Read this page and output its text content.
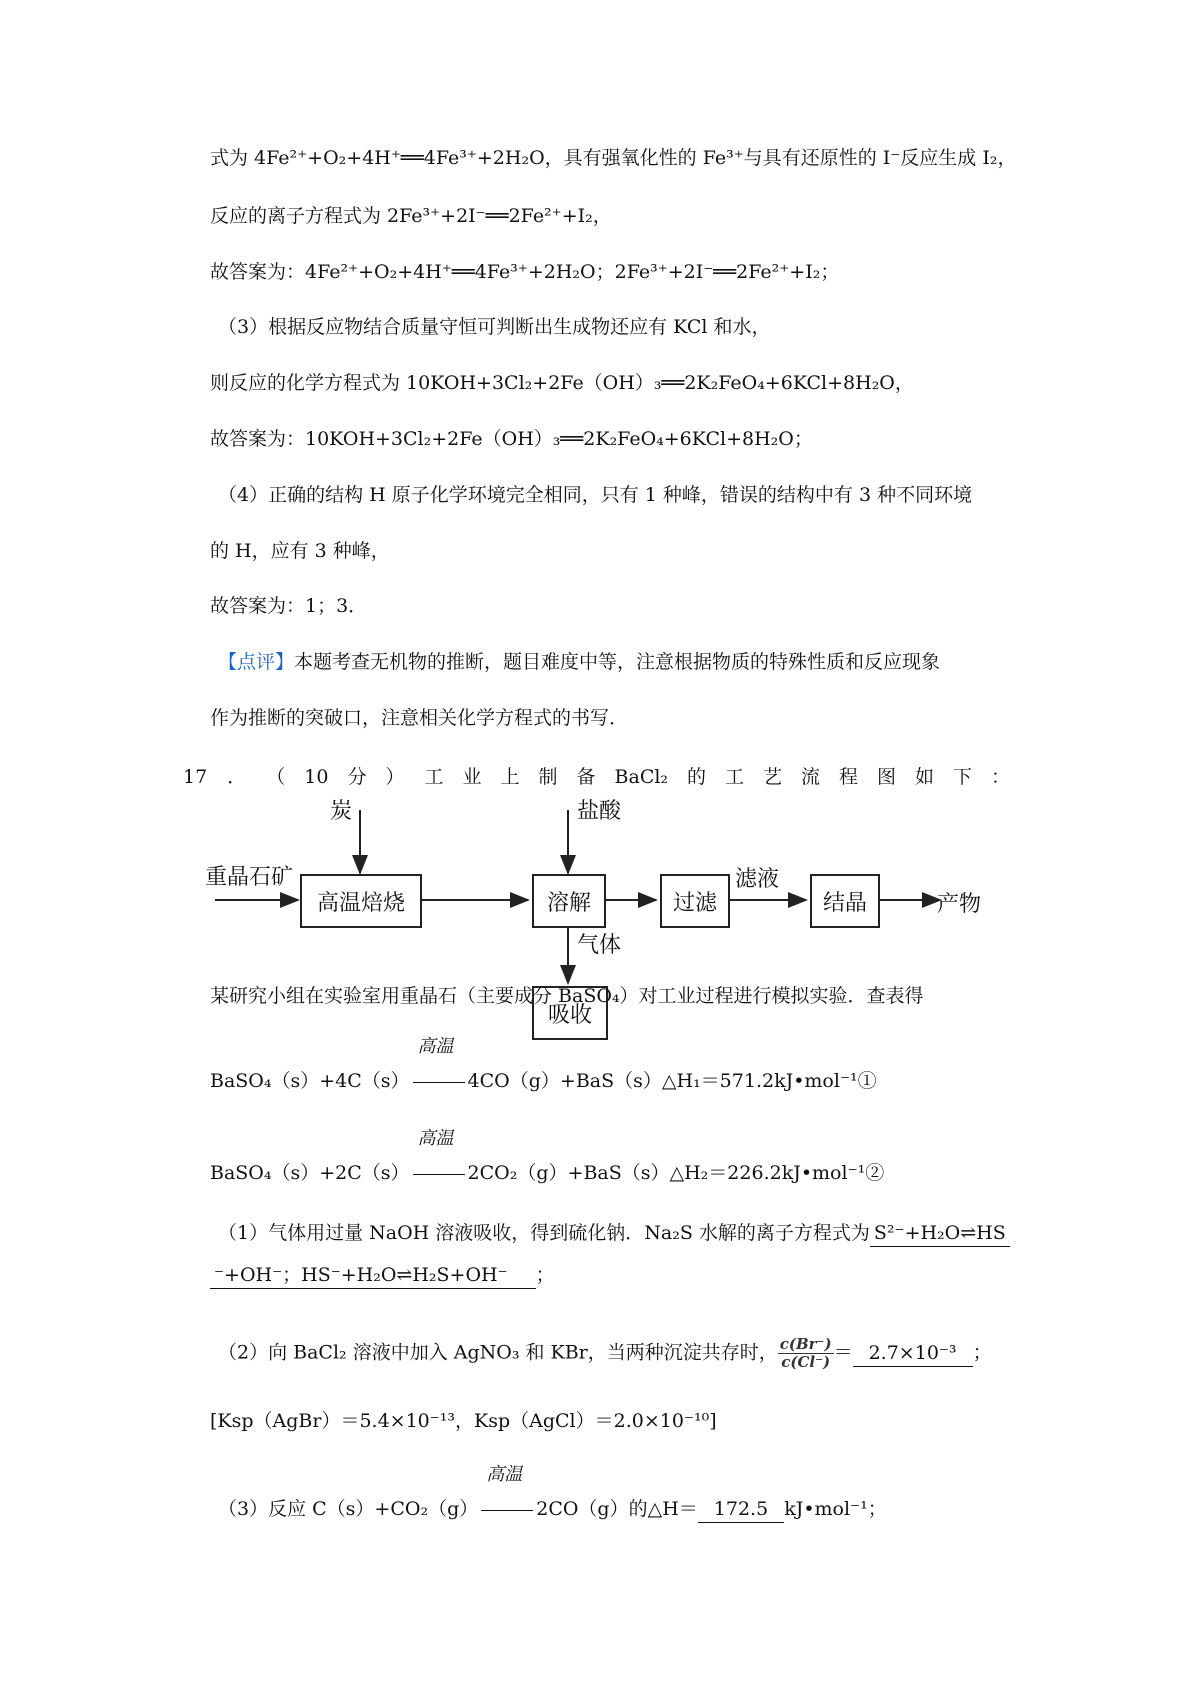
式为 4Fe²⁺+O₂+4H⁺══4Fe³⁺+2H₂O，具有强氧化性的 Fe³⁺与具有还原性的 I⁻反应生成 I₂，
反应的离子方程式为 2Fe³⁺+2I⁻══2Fe²⁺+I₂，
故答案为：4Fe²⁺+O₂+4H⁺══4Fe³⁺+2H₂O；2Fe³⁺+2I⁻══2Fe²⁺+I₂；
（3）根据反应物结合质量守恒可判断出生成物还应有 KCl 和水，
则反应的化学方程式为 10KOH+3Cl₂+2Fe（OH）₃══2K₂FeO₄+6KCl+8H₂O，
故答案为：10KOH+3Cl₂+2Fe（OH）₃══2K₂FeO₄+6KCl+8H₂O；
（4）正确的结构 H 原子化学环境完全相同，只有 1 种峰，错误的结构中有 3 种不同环境
的 H，应有 3 种峰，
故答案为：1；3．
【点评】本题考查无机物的推断，题目难度中等，注意根据物质的特殊性质和反应现象
作为推断的突破口，注意相关化学方程式的书写．
17 ． （　10　分　） 工　业　上　制　备　BaCl₂　的　工　艺　流　程　图　如　下　：
重晶石矿
炭	盐酸
高温焙烧	溶解	过滤
滤液
结晶	产物
气体
吸收
某研究小组在实验室用重晶石（主要成分 BaSO₄）对工业过程进行模拟实验．查表得
BaSO₄（s）+4C（s）
高温
4CO（g）+BaS（s）△H₁＝571.2kJ•mol⁻¹①
BaSO₄（s）+2C（s）
高温
2CO₂（g）+BaS（s）△H₂＝226.2kJ•mol⁻¹②
（1）气体用过量 NaOH 溶液吸收，得到硫化钠．Na₂S 水解的离子方程式为 S²⁻+H₂O⇌HS
⁻+OH⁻；HS⁻+H₂O⇌H₂S+OH⁻ ；
（2）向 BaCl₂ 溶液中加入 AgNO₃ 和 KBr，当两种沉淀共存时， $\frac{c(Br^-)}{c(Cl^-)} = 2.7\times 10^{-3}$ ；
[Ksp（AgBr）＝5.4×10⁻¹³，Ksp（AgCl）＝2.0×10⁻¹⁰]
（3）反应 C（s）+CO₂（g）
高温
2CO（g）的△H＝ 172.5 kJ•mol⁻¹；
